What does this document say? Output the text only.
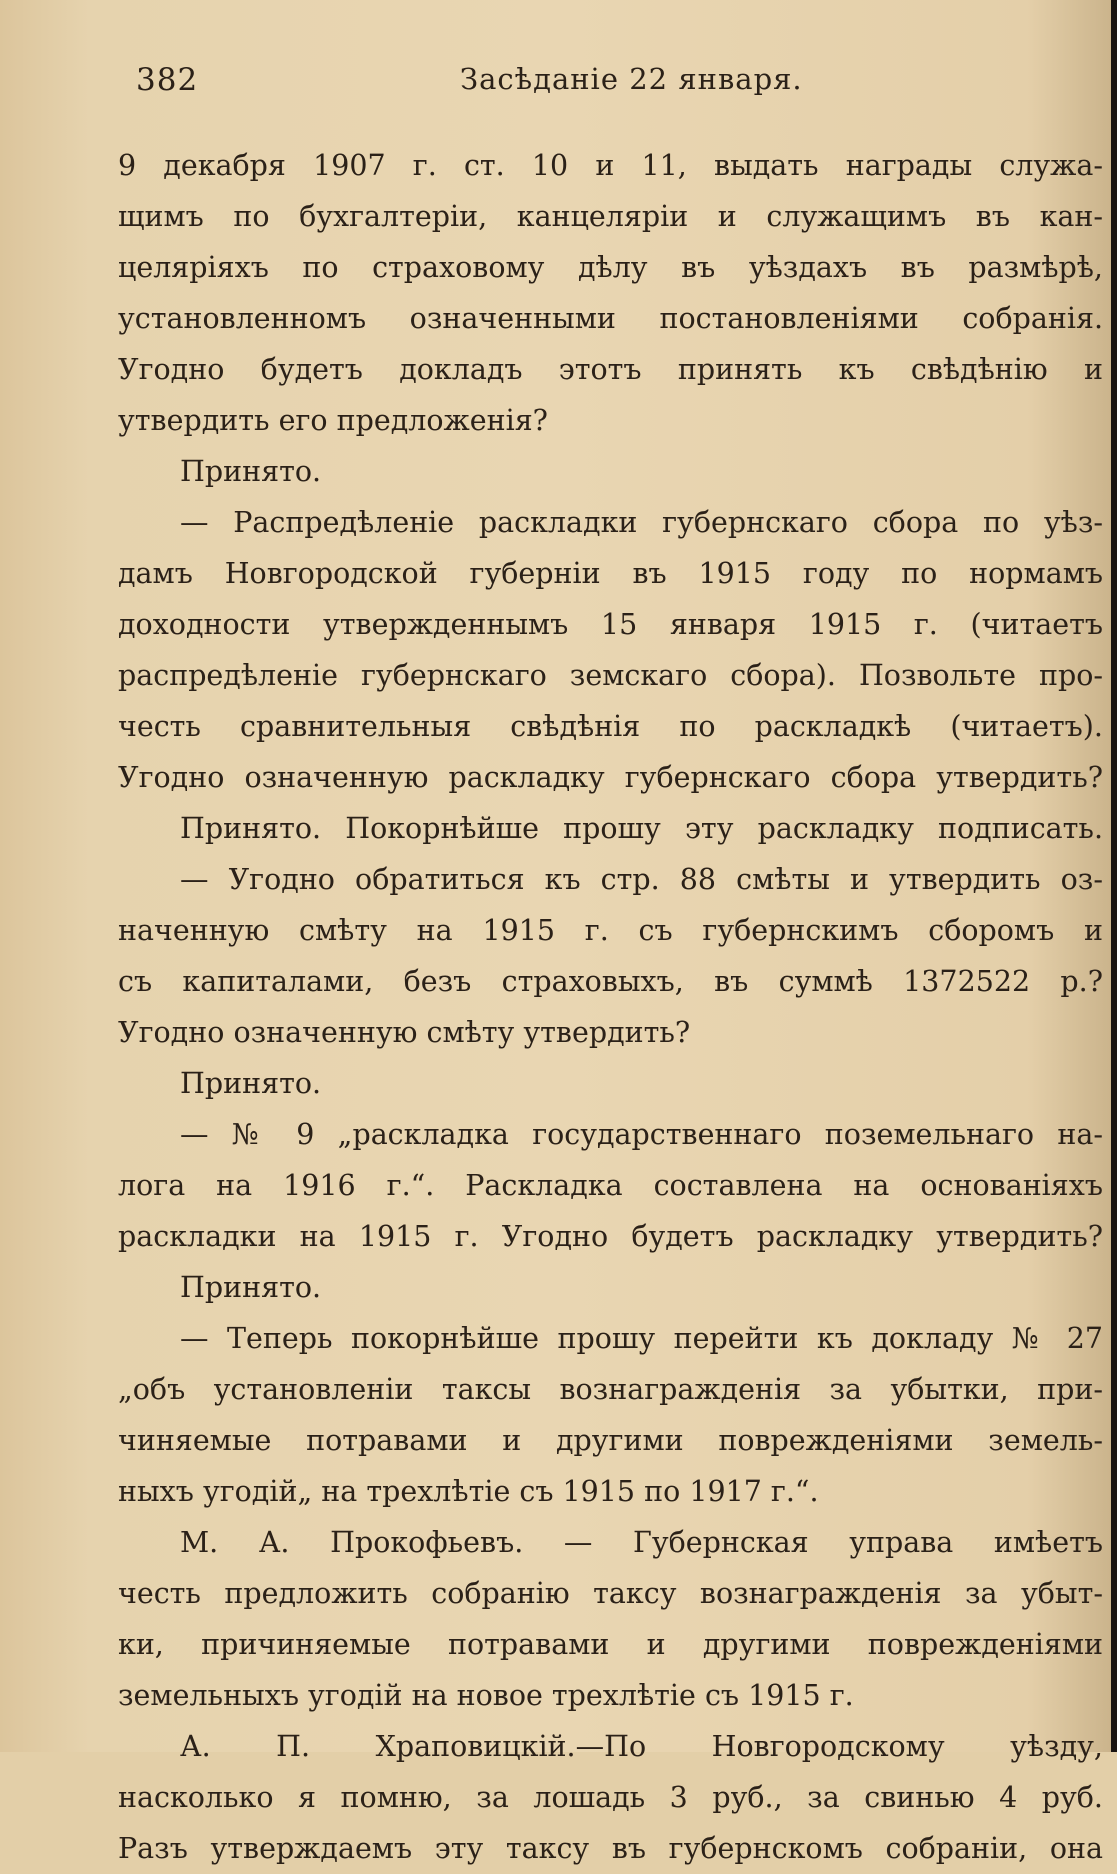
382	Засѣданіе 22 января.
9 декабря 1907 г. ст. 10 и 11, выдать награды служа-
щимъ по бухгалтеріи, канцеляріи и служащимъ въ кан-
целяріяхъ по страховому дѣлу въ уѣздахъ въ размѣрѣ,
установленномъ означенными постановленіями собранія.
Угодно будетъ докладъ этотъ принять къ свѣдѣнію и
утвердить его предложенія?
Принято.
— Распредѣленіе раскладки губернскаго сбора по уѣз-
дамъ Новгородской губерніи въ 1915 году по нормамъ
доходности утвержденнымъ 15 января 1915 г. (читаетъ
распредѣленіе губернскаго земскаго сбора). Позвольте про-
честь сравнительныя свѣдѣнія по раскладкѣ (читаетъ).
Угодно означенную раскладку губернскаго сбора утвердить?
Принято. Покорнѣйше прошу эту раскладку подписать.
— Угодно обратиться къ стр. 88 смѣты и утвердить оз-
наченную смѣту на 1915 г. съ губернскимъ сборомъ и
съ капиталами, безъ страховыхъ, въ суммѣ 1372522 р.?
Угодно означенную смѣту утвердить?
Принято.
— № 9 „раскладка государственнаго поземельнаго на-
лога на 1916 г.“. Раскладка составлена на основаніяхъ
раскладки на 1915 г. Угодно будетъ раскладку утвердить?
Принято.
— Теперь покорнѣйше прошу перейти къ докладу № 27
„объ установленіи таксы вознагражденія за убытки, при-
чиняемые потравами и другими поврежденіями земель-
ныхъ угодій„ на трехлѣтіе съ 1915 по 1917 г.“.
М. А. Прокофьевъ. — Губернская управа имѣетъ
честь предложить собранію таксу вознагражденія за убыт-
ки, причиняемые потравами и другими поврежденіями
земельныхъ угодій на новое трехлѣтіе съ 1915 г.
А. П. Храповицкій.—По Новгородскому уѣзду,
насколько я помню, за лошадь 3 руб., за свинью 4 руб.
Разъ утверждаемъ эту таксу въ губернскомъ собраніи, она
